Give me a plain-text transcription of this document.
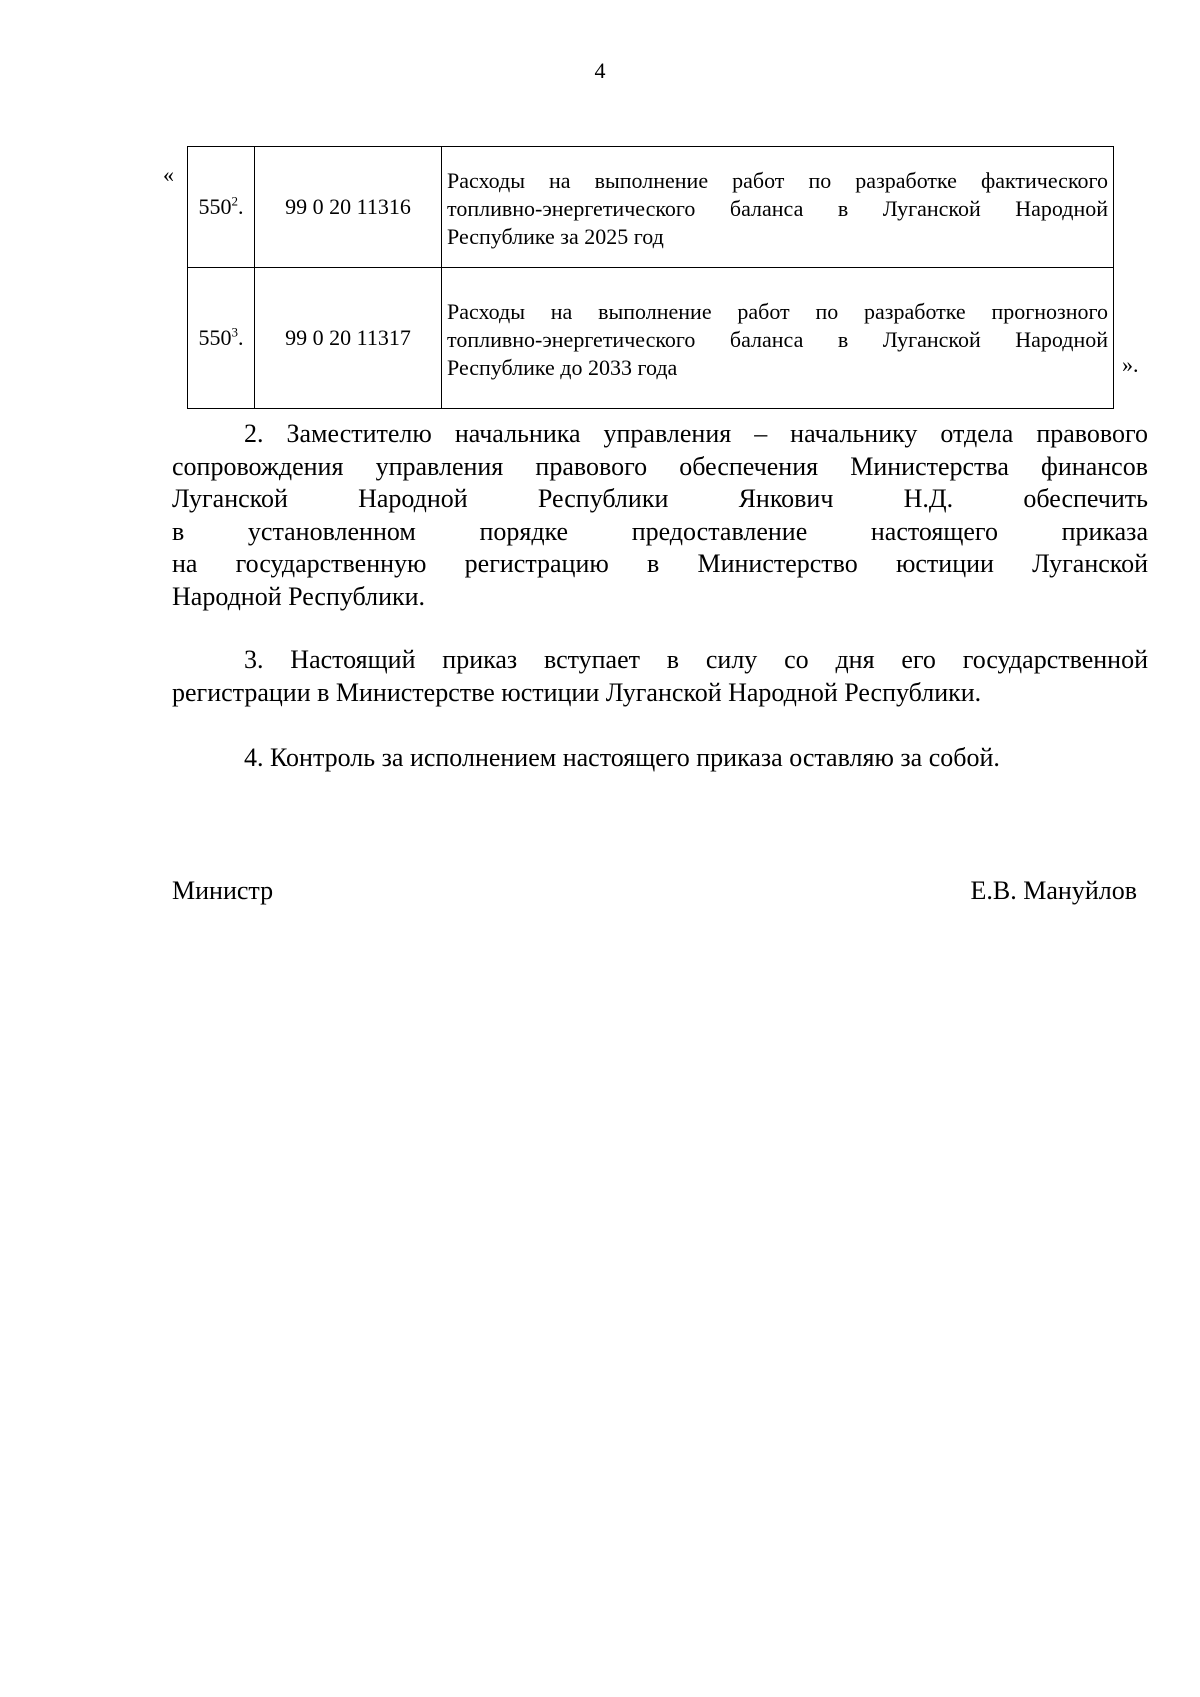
4
«
$550^2$.	99 0 20 11316	Расходы на выполнение работ по разработке фактического
топливно-энергетического баланса в Луганской Народной
Республике за 2025 год

$550^3$.	99 0 20 11317	Расходы на выполнение работ по разработке прогнозного
топливно-энергетического баланса в Луганской Народной
Республике до 2033 года	».
2. Заместителю начальника управления – начальнику отдела правового
сопровождения управления правового обеспечения Министерства финансов
Луганской Народной Республики Янкович Н.Д. обеспечить
в установленном порядке предоставление настоящего приказа
на государственную регистрацию в Министерство юстиции Луганской
Народной Республики.
3. Настоящий приказ вступает в силу со дня его государственной
регистрации в Министерстве юстиции Луганской Народной Республики.
4. Контроль за исполнением настоящего приказа оставляю за собой.
Министр	Е.В. Мануйлов
